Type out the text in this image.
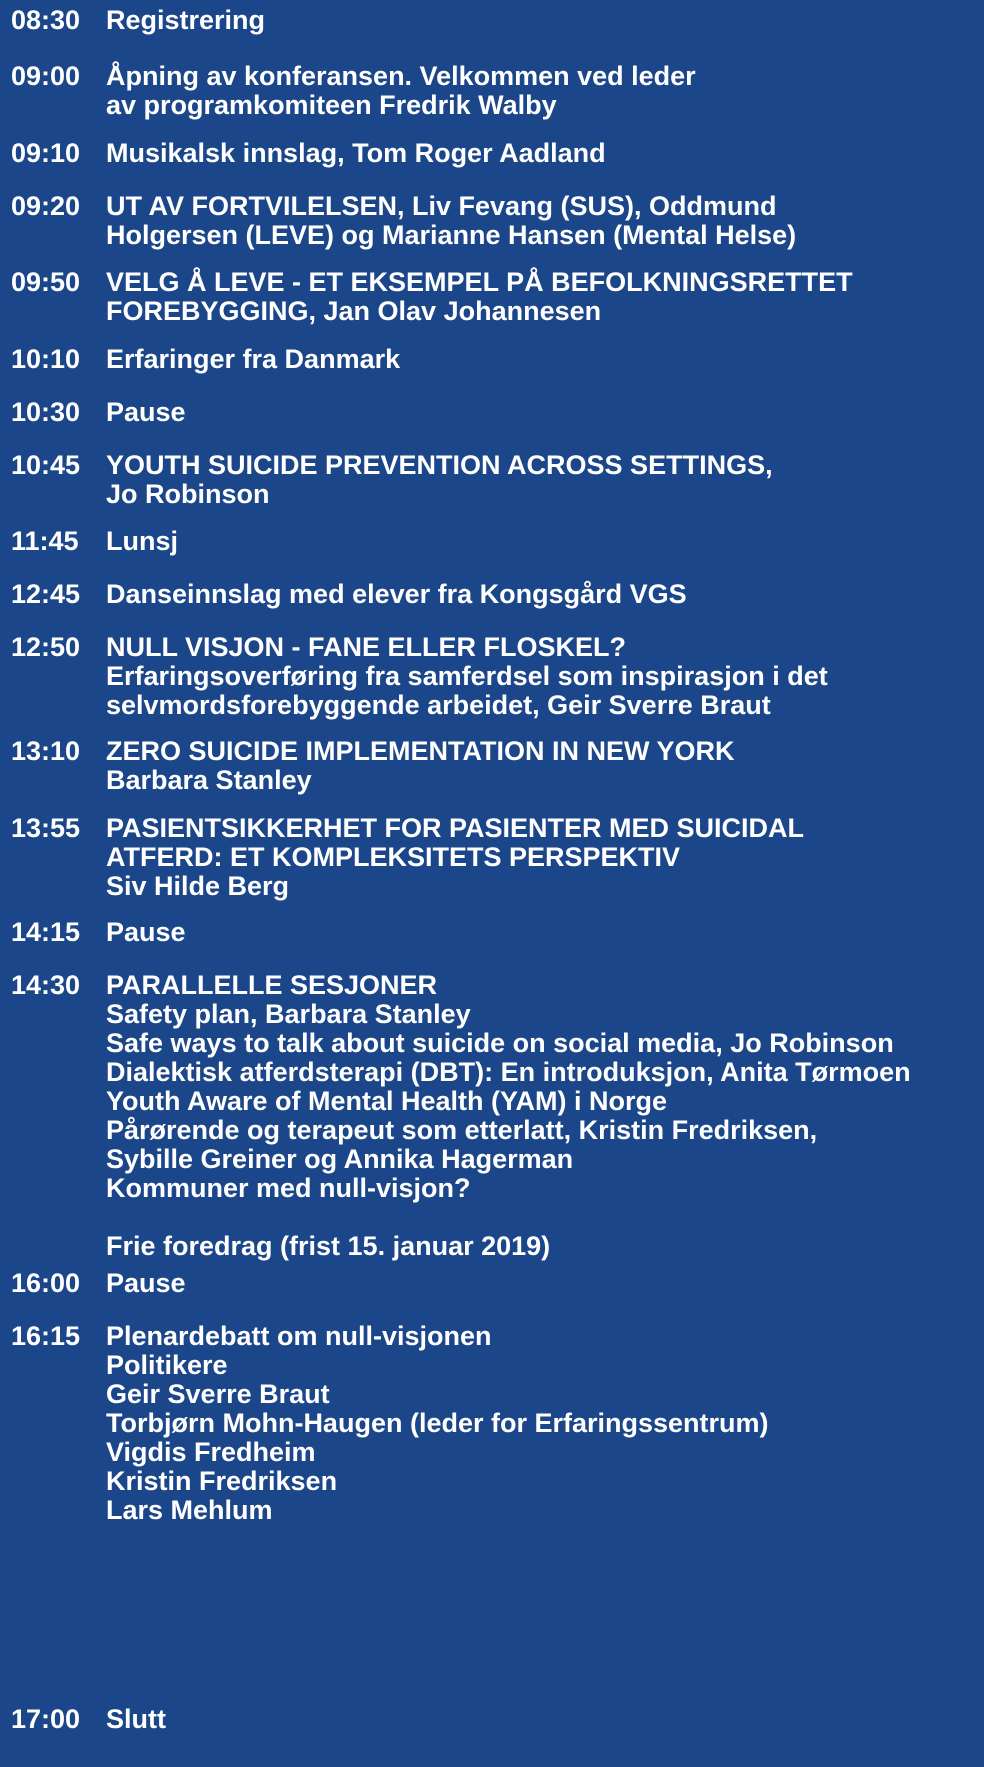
08:30 Registrering
09:00 Åpning av konferansen. Velkommen ved leder
av programkomiteen Fredrik Walby
09:10 Musikalsk innslag, Tom Roger Aadland
09:20 UT AV FORTVILELSEN, Liv Fevang (SUS), Oddmund
Holgersen (LEVE) og Marianne Hansen (Mental Helse)
09:50 VELG Å LEVE - ET EKSEMPEL PÅ BEFOLKNINGSRETTET
FOREBYGGING, Jan Olav Johannesen
10:10 Erfaringer fra Danmark
10:30 Pause
10:45 YOUTH SUICIDE PREVENTION ACROSS SETTINGS,
Jo Robinson
11:45	Lunsj
12:45 Danseinnslag med elever fra Kongsgård VGS
12:50 NULL VISJON - FANE ELLER FLOSKEL?
Erfaringsoverføring fra samferdsel som inspirasjon i det
selvmordsforebyggende arbeidet, Geir Sverre Braut
13:10 ZERO SUICIDE IMPLEMENTATION IN NEW YORK
Barbara Stanley
13:55 PASIENTSIKKERHET FOR PASIENTER MED SUICIDAL
ATFERD: ET KOMPLEKSITETS PERSPEKTIV
Siv Hilde Berg
14:15 Pause
14:30 PARALLELLE SESJONER
Safety plan, Barbara Stanley
Safe ways to talk about suicide on social media, Jo Robinson
Dialektisk atferdsterapi (DBT): En introduksjon, Anita Tørmoen
Youth Aware of Mental Health (YAM) i Norge
Pårørende og terapeut som etterlatt, Kristin Fredriksen,
Sybille Greiner og Annika Hagerman
Kommuner med null-visjon?

Frie foredrag (frist 15. januar 2019)
16:00 Pause
16:15 Plenardebatt om null-visjonen
Politikere
Geir Sverre Braut
Torbjørn Mohn-Haugen (leder for Erfaringssentrum)
Vigdis Fredheim
Kristin Fredriksen
Lars Mehlum
17:00 Slutt
